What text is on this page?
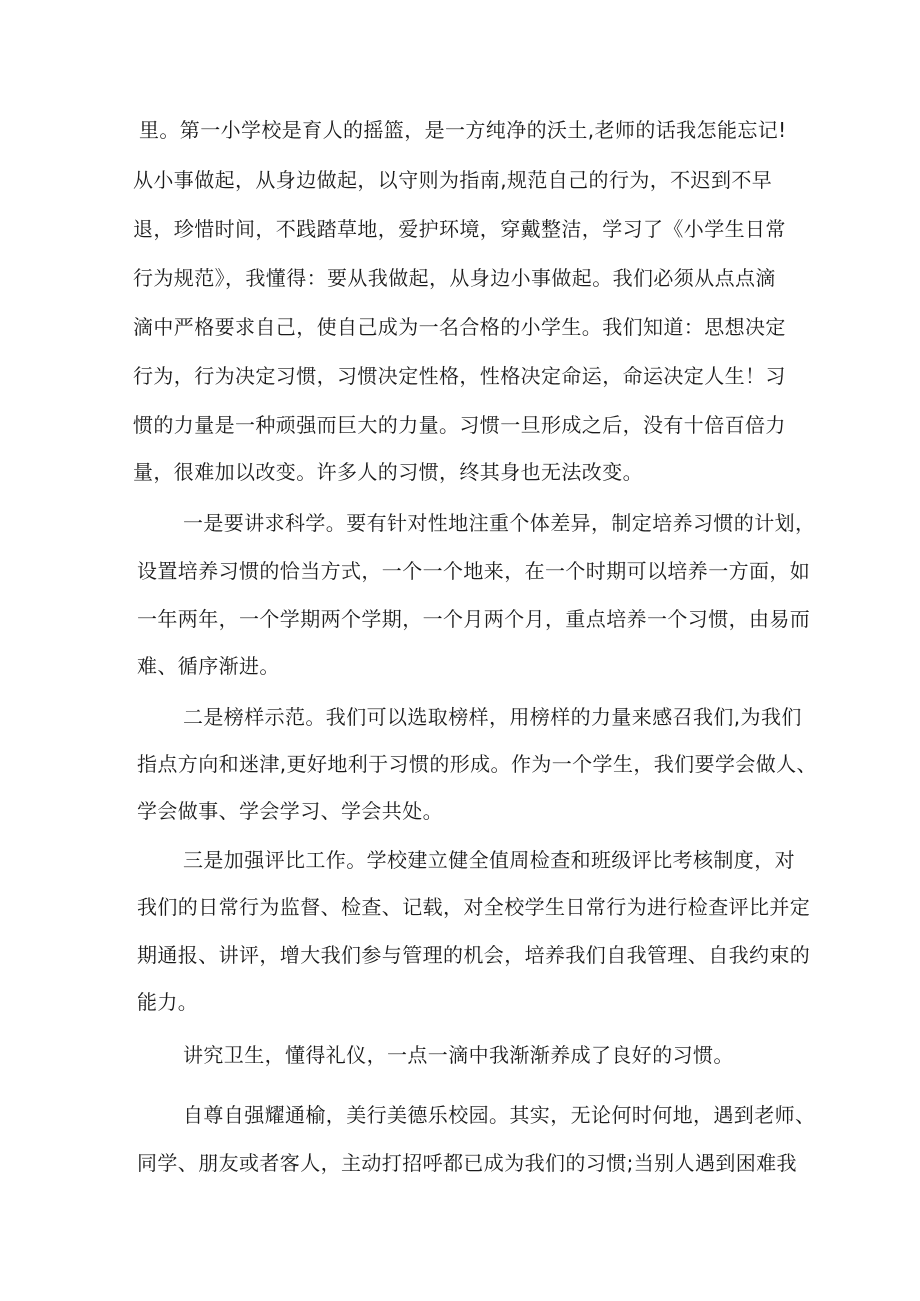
里。第一小学校是育人的摇篮，是一方纯净的沃土,老师的话我怎能忘记!

从小事做起，从身边做起，以守则为指南,规范自己的行为，不迟到不早

退，珍惜时间，不践踏草地，爱护环境，穿戴整洁，学习了《小学生日常

行为规范》，我懂得：要从我做起，从身边小事做起。我们必须从点点滴

滴中严格要求自己，使自己成为一名合格的小学生。我们知道：思想决定

行为，行为决定习惯，习惯决定性格，性格决定命运，命运决定人生！习

惯的力量是一种顽强而巨大的力量。习惯一旦形成之后，没有十倍百倍力

量，很难加以改变。许多人的习惯，终其身也无法改变。

一是要讲求科学。要有针对性地注重个体差异，制定培养习惯的计划，

设置培养习惯的恰当方式，一个一个地来，在一个时期可以培养一方面，如

一年两年，一个学期两个学期，一个月两个月，重点培养一个习惯，由易而

难、循序渐进。

二是榜样示范。我们可以选取榜样，用榜样的力量来感召我们,为我们

指点方向和迷津,更好地利于习惯的形成。作为一个学生，我们要学会做人、

学会做事、学会学习、学会共处。

三是加强评比工作。学校建立健全值周检查和班级评比考核制度，对

我们的日常行为监督、检查、记载，对全校学生日常行为进行检查评比并定

期通报、讲评，增大我们参与管理的机会，培养我们自我管理、自我约束的

能力。

讲究卫生，懂得礼仪，一点一滴中我渐渐养成了良好的习惯。

自尊自强耀通榆，美行美德乐校园。其实，无论何时何地，遇到老师、

同学、朋友或者客人，主动打招呼都已成为我们的习惯;当别人遇到困难我
